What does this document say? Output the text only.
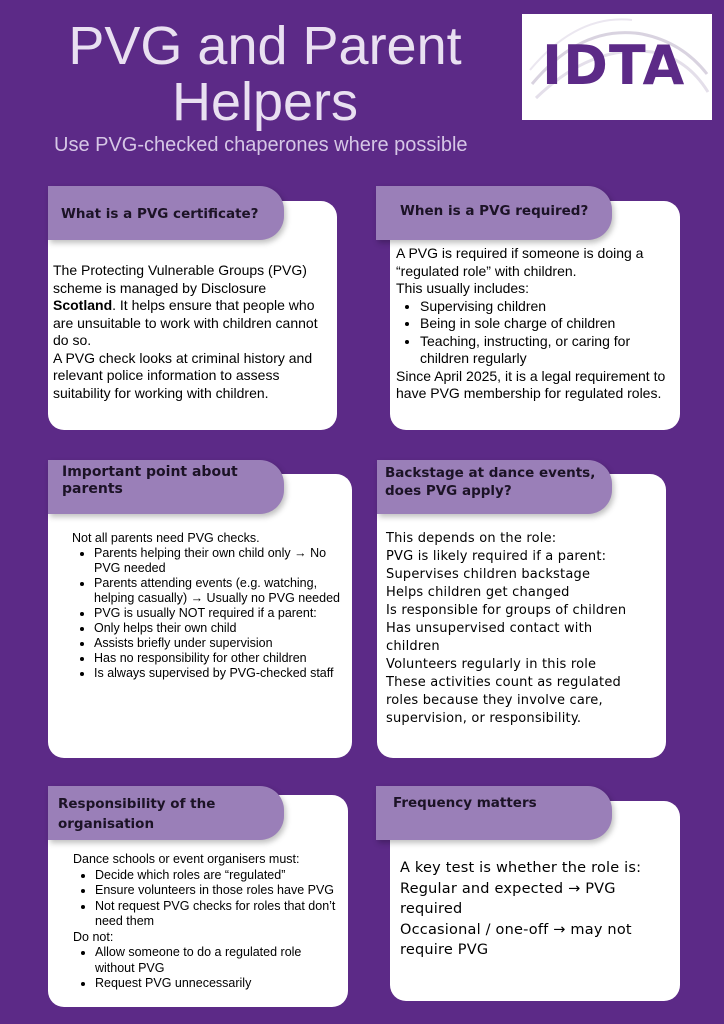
PVG and Parent Helpers

Use PVG-checked chaperones where possible

IDTA
What is a PVG certificate?

The Protecting Vulnerable Groups (PVG) scheme is managed by Disclosure Scotland. It helps ensure that people who are unsuitable to work with children cannot do so.

A PVG check looks at criminal history and relevant police information to assess suitability for working with children.

When is a PVG required?

A PVG is required if someone is doing a “regulated role” with children.

This usually includes:

• Supervising children
• Being in sole charge of children
• Teaching, instructing, or caring for children regularly

Since April 2025, it is a legal requirement to have PVG membership for regulated roles.

Important point about parents

Not all parents need PVG checks.

• Parents helping their own child only → No PVG needed
• Parents attending events (e.g. watching, helping casually) → Usually no PVG needed
• PVG is usually NOT required if a parent:
• Only helps their own child
• Assists briefly under supervision
• Has no responsibility for other children
• Is always supervised by PVG-checked staff
Backstage at dance events, does PVG apply?

This depends on the role:

PVG is likely required if a parent:

Supervises children backstage

Helps children get changed

Is responsible for groups of children

Has unsupervised contact with children

Volunteers regularly in this role

These activities count as regulated roles because they involve care, supervision, or responsibility.

Responsibility of the organisation

Dance schools or event organisers must:

• Decide which roles are “regulated”
• Ensure volunteers in those roles have PVG
• Not request PVG checks for roles that don’t need them

Do not:

• Allow someone to do a regulated role without PVG
• Request PVG unnecessarily
Frequency matters

A key test is whether the role is:

Regular and expected → PVG required

Occasional / one-off → may not require PVG
